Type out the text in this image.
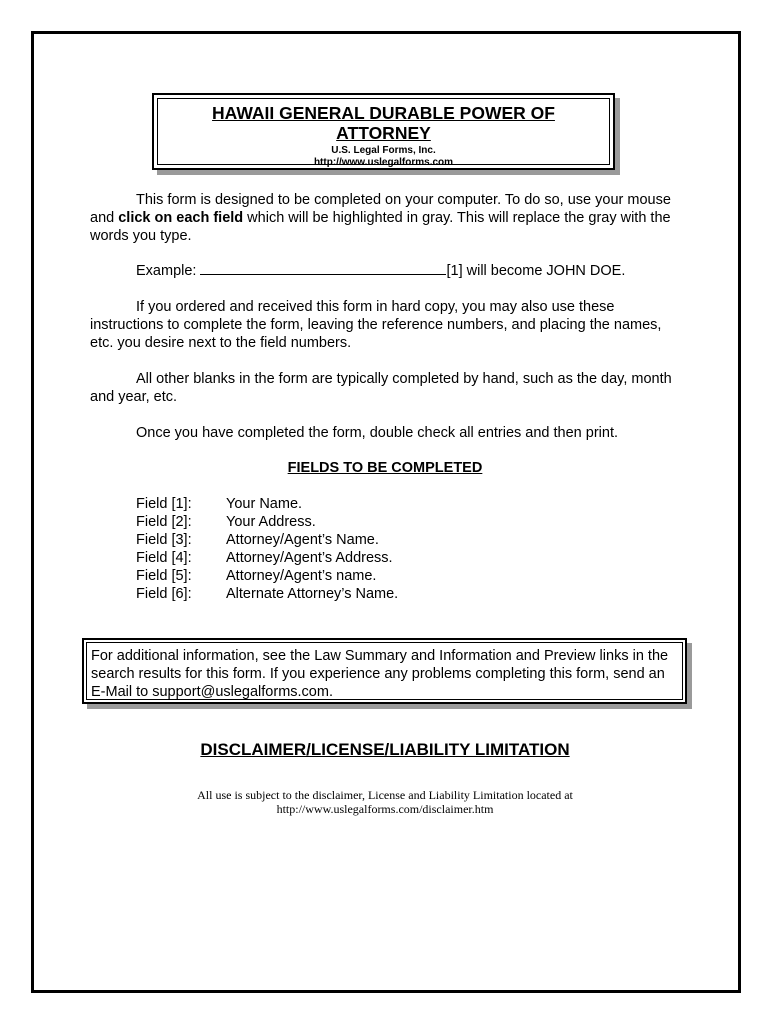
HAWAII GENERAL DURABLE POWER OF
ATTORNEY

U.S. Legal Forms, Inc.

http://www.uslegalforms.com

This form is designed to be completed on your computer. To do so, use your mouse and click on each field which will be highlighted in gray. This will replace the gray with the words you type.

Example:	[1] will become JOHN DOE.

If you ordered and received this form in hard copy, you may also use these instructions to complete the form, leaving the reference numbers, and placing the names, etc. you desire next to the field numbers.

All other blanks in the form are typically completed by hand, such as the day, month and year, etc.

Once you have completed the form, double check all entries and then print.

FIELDS TO BE COMPLETED
Field [1]:	Your Name.
Field [2]:	Your Address.
Field [3]:	Attorney/Agent’s Name.
Field [4]:	Attorney/Agent’s Address.
Field [5]:	Attorney/Agent’s name.
Field [6]:	Alternate Attorney’s Name.
For additional information, see the Law Summary and Information and Preview links in the search results for this form. If you experience any problems completing this form, send an E-Mail to support@uslegalforms.com.
DISCLAIMER/LICENSE/LIABILITY LIMITATION
All use is subject to the disclaimer, License and Liability Limitation located at
http://www.uslegalforms.com/disclaimer.htm
